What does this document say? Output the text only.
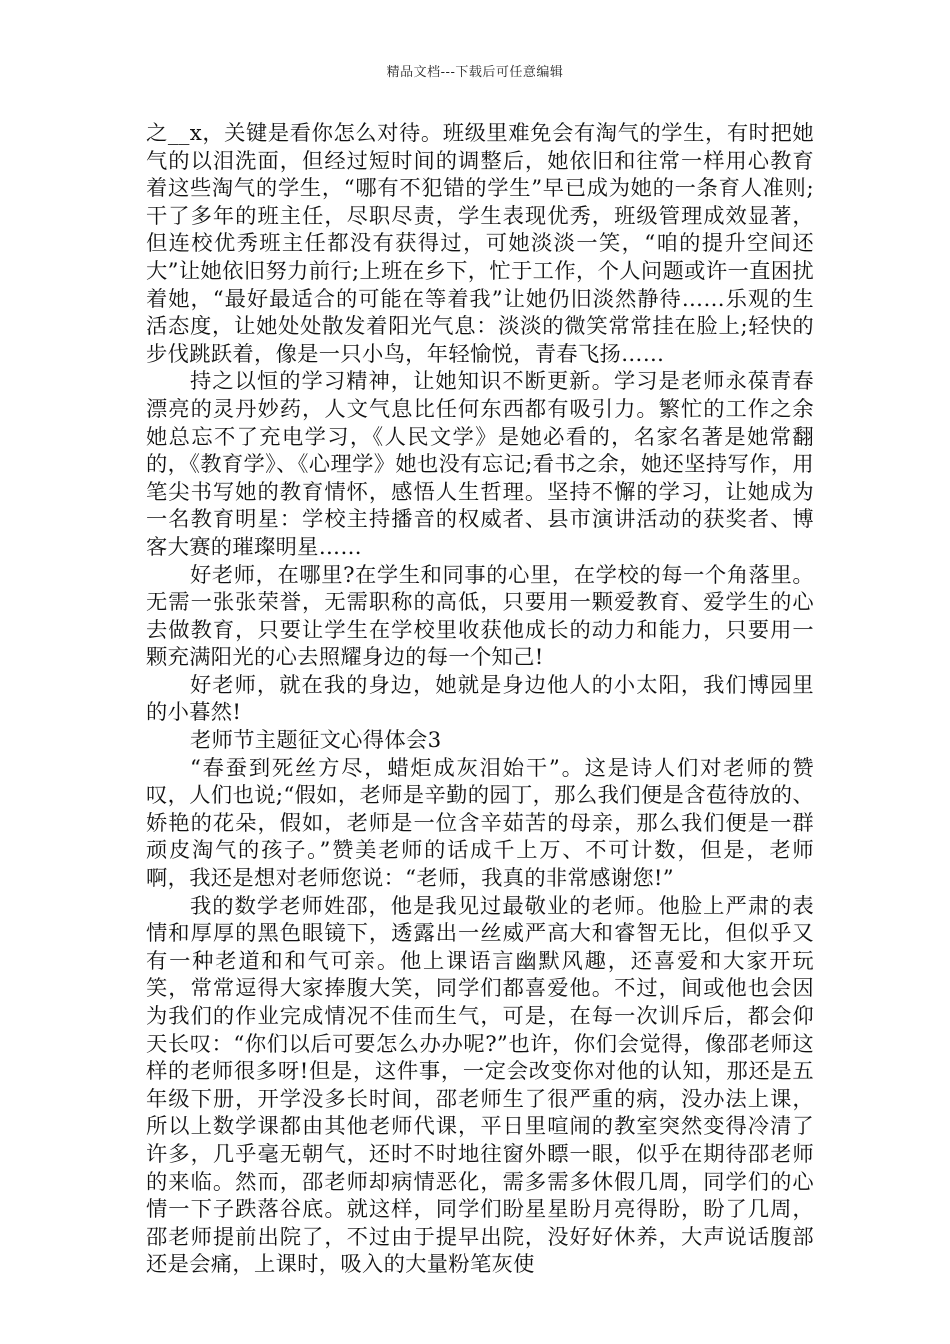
精品文档---下载后可任意编辑

之__x，关键是看你怎么对待。班级里难免会有淘气的学生，有时把她气的以泪洗面，但经过短时间的调整后，她依旧和往常一样用心教育着这些淘气的学生，“哪有不犯错的学生”早已成为她的一条育人准则;干了多年的班主任，尽职尽责，学生表现优秀，班级管理成效显著，但连校优秀班主任都没有获得过，可她淡淡一笑，“咱的提升空间还大”让她依旧努力前行;上班在乡下，忙于工作，个人问题或许一直困扰着她，“最好最适合的可能在等着我”让她仍旧淡然静待……乐观的生活态度，让她处处散发着阳光气息：淡淡的微笑常常挂在脸上;轻快的步伐跳跃着，像是一只小鸟，年轻愉悦，青春飞扬……

持之以恒的学习精神，让她知识不断更新。学习是老师永葆青春漂亮的灵丹妙药，人文气息比任何东西都有吸引力。繁忙的工作之余她总忘不了充电学习，《人民文学》是她必看的，名家名著是她常翻的，《教育学》、《心理学》她也没有忘记;看书之余，她还坚持写作，用笔尖书写她的教育情怀，感悟人生哲理。坚持不懈的学习，让她成为一名教育明星：学校主持播音的权威者、县市演讲活动的获奖者、博客大赛的璀璨明星……

好老师，在哪里?在学生和同事的心里，在学校的每一个角落里。无需一张张荣誉，无需职称的高低，只要用一颗爱教育、爱学生的心去做教育，只要让学生在学校里收获他成长的动力和能力，只要用一颗充满阳光的心去照耀身边的每一个知己!

好老师，就在我的身边，她就是身边他人的小太阳，我们博园里的小暮然!

老师节主题征文心得体会3

“春蚕到死丝方尽，蜡炬成灰泪始干”。这是诗人们对老师的赞叹，人们也说;“假如，老师是辛勤的园丁，那么我们便是含苞待放的、娇艳的花朵，假如，老师是一位含辛茹苦的母亲，那么我们便是一群顽皮淘气的孩子。”赞美老师的话成千上万、不可计数，但是，老师啊，我还是想对老师您说：“老师，我真的非常感谢您!”

我的数学老师姓邵，他是我见过最敬业的老师。他脸上严肃的表情和厚厚的黑色眼镜下，透露出一丝威严高大和睿智无比，但似乎又有一种老道和和气可亲。他上课语言幽默风趣，还喜爱和大家开玩笑，常常逗得大家捧腹大笑，同学们都喜爱他。不过，间或他也会因为我们的作业完成情况不佳而生气，可是，在每一次训斥后，都会仰天长叹：“你们以后可要怎么办办呢?”也许，你们会觉得，像邵老师这样的老师很多呀!但是，这件事，一定会改变你对他的认知，那还是五年级下册，开学没多长时间，邵老师生了很严重的病，没办法上课，所以上数学课都由其他老师代课，平日里喧闹的教室突然变得冷清了许多，几乎毫无朝气，还时不时地往窗外瞟一眼，似乎在期待邵老师的来临。然而，邵老师却病情恶化，需多需多休假几周，同学们的心情一下子跌落谷底。就这样，同学们盼星星盼月亮得盼，盼了几周，邵老师提前出院了，不过由于提早出院，没好好休养，大声说话腹部还是会痛，上课时，吸入的大量粉笔灰使
